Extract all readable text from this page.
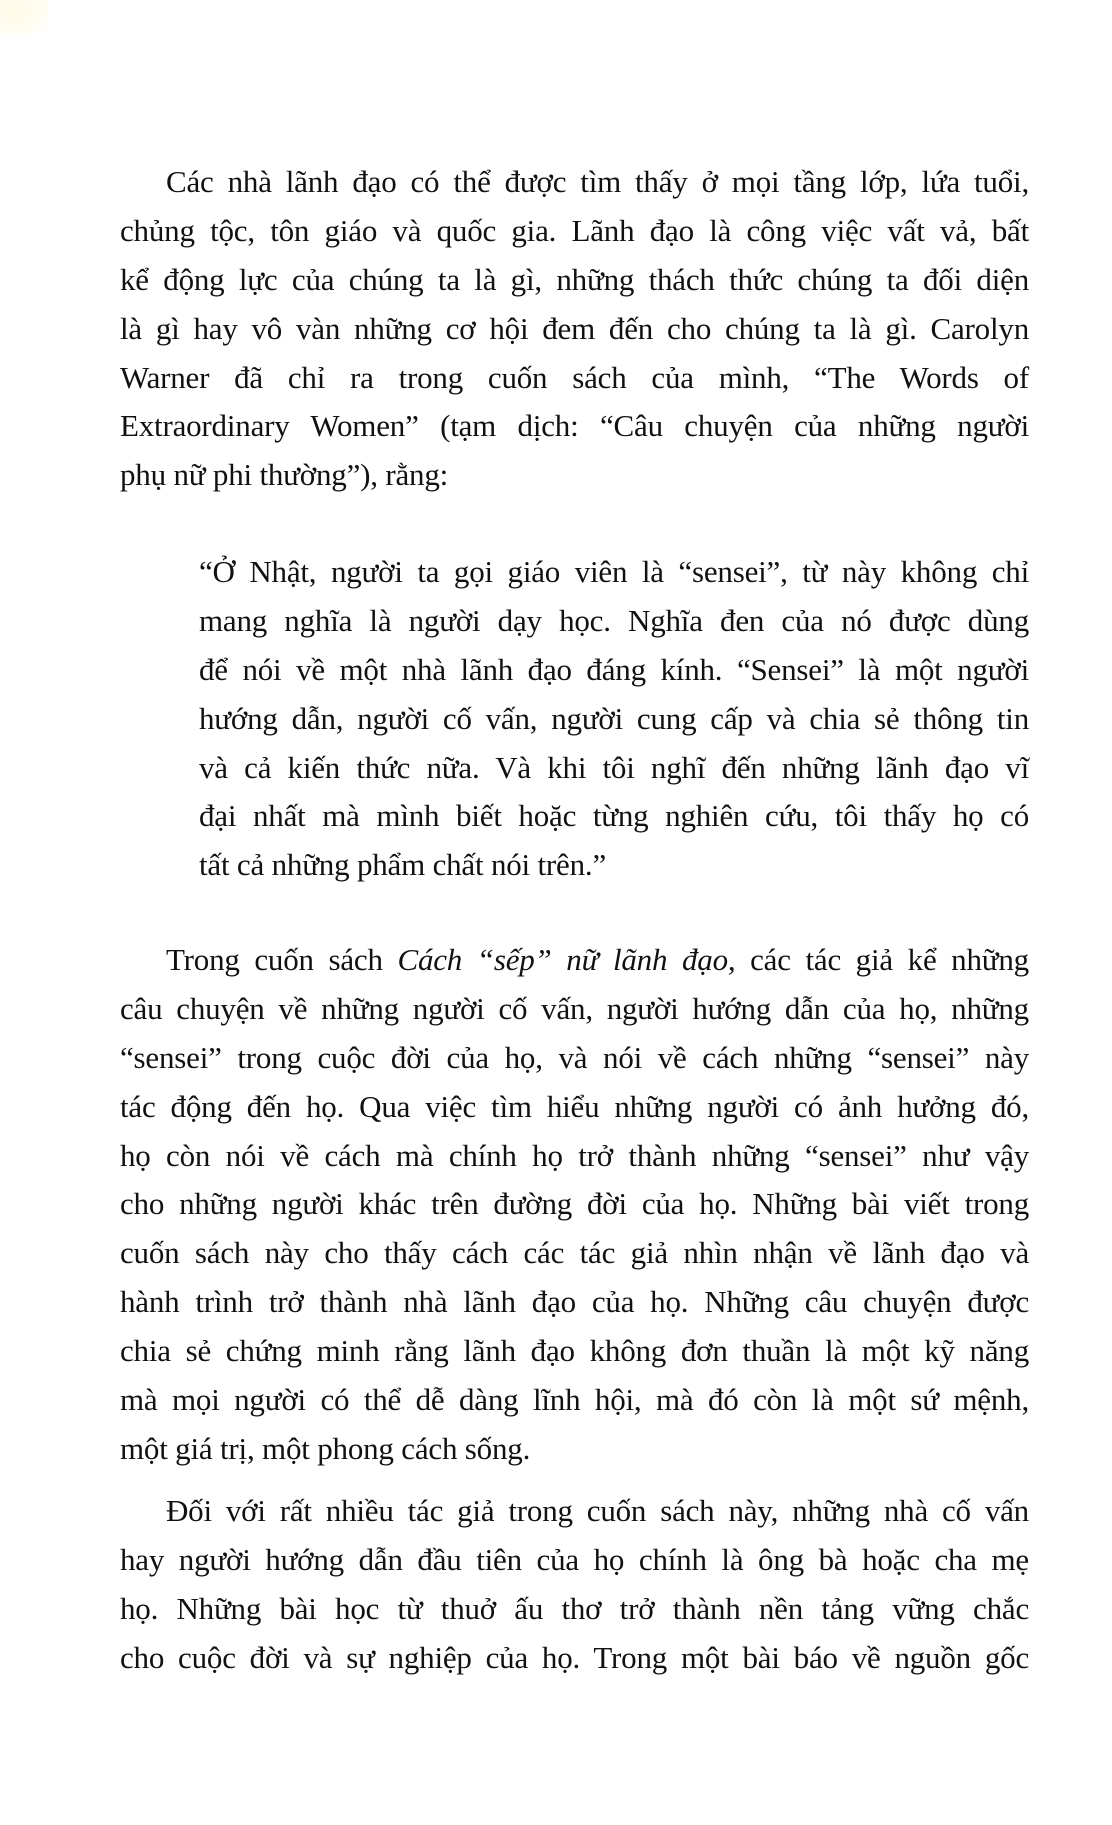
Các nhà lãnh đạo có thể được tìm thấy ở mọi tầng lớp, lứa tuổi,
chủng tộc, tôn giáo và quốc gia. Lãnh đạo là công việc vất vả, bất
kể động lực của chúng ta là gì, những thách thức chúng ta đối diện
là gì hay vô vàn những cơ hội đem đến cho chúng ta là gì. Carolyn
Warner đã chỉ ra trong cuốn sách của mình, “The Words of
Extraordinary Women” (tạm dịch: “Câu chuyện của những người
phụ nữ phi thường”), rằng:
“Ở Nhật, người ta gọi giáo viên là “sensei”, từ này không chỉ
mang nghĩa là người dạy học. Nghĩa đen của nó được dùng
để nói về một nhà lãnh đạo đáng kính. “Sensei” là một người
hướng dẫn, người cố vấn, người cung cấp và chia sẻ thông tin
và cả kiến thức nữa. Và khi tôi nghĩ đến những lãnh đạo vĩ
đại nhất mà mình biết hoặc từng nghiên cứu, tôi thấy họ có
tất cả những phẩm chất nói trên.”
Trong cuốn sách Cách “sếp” nữ lãnh đạo, các tác giả kể những
câu chuyện về những người cố vấn, người hướng dẫn của họ, những
“sensei” trong cuộc đời của họ, và nói về cách những “sensei” này
tác động đến họ. Qua việc tìm hiểu những người có ảnh hưởng đó,
họ còn nói về cách mà chính họ trở thành những “sensei” như vậy
cho những người khác trên đường đời của họ. Những bài viết trong
cuốn sách này cho thấy cách các tác giả nhìn nhận về lãnh đạo và
hành trình trở thành nhà lãnh đạo của họ. Những câu chuyện được
chia sẻ chứng minh rằng lãnh đạo không đơn thuần là một kỹ năng
mà mọi người có thể dễ dàng lĩnh hội, mà đó còn là một sứ mệnh,
một giá trị, một phong cách sống.
Đối với rất nhiều tác giả trong cuốn sách này, những nhà cố vấn
hay người hướng dẫn đầu tiên của họ chính là ông bà hoặc cha mẹ
họ. Những bài học từ thuở ấu thơ trở thành nền tảng vững chắc
cho cuộc đời và sự nghiệp của họ. Trong một bài báo về nguồn gốc
